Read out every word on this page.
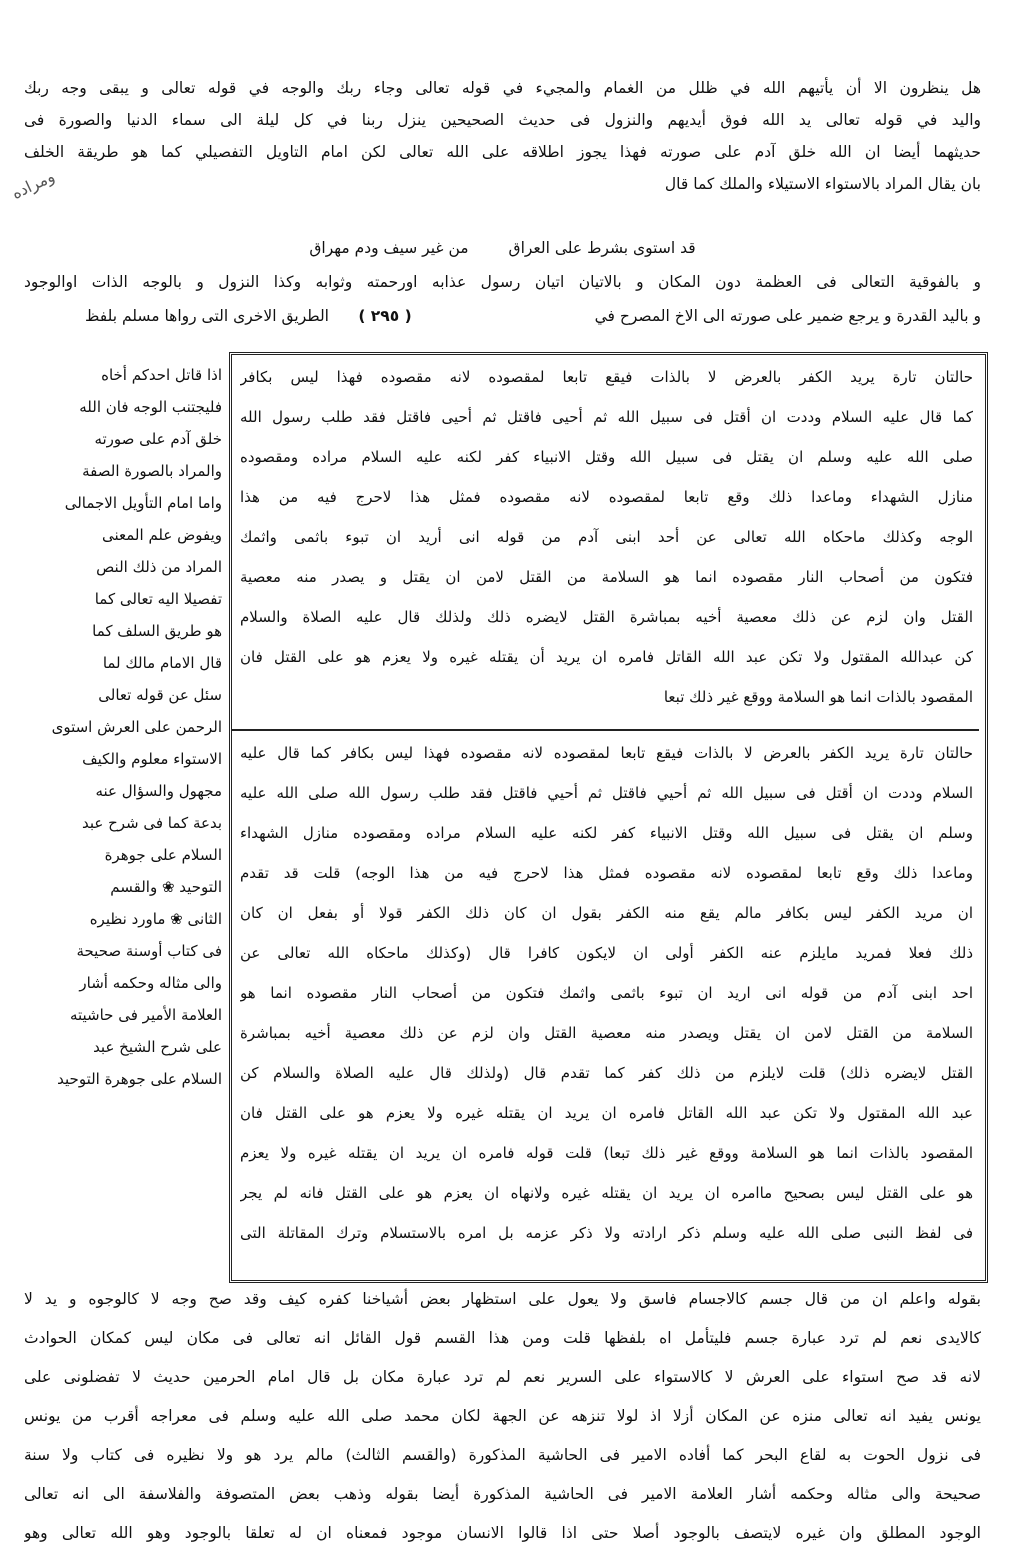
هل ينظرون الا أن يأتيهم الله في ظلل من الغمام والمجيء في قوله تعالى وجاء ربك والوجه في قوله تعالى و يبقى وجه ربك
واليد في قوله تعالى يد الله فوق أيديهم والنزول فى حديث الصحيحين ينزل ربنا في كل ليلة الى سماء الدنيا والصورة فى
حديثهما أيضا ان الله خلق آدم على صورته فهذا يجوز اطلاقه على الله تعالى لكن امام التاويل التفصيلي كما هو طريقة الخلف
بان يقال المراد بالاستواء الاستيلاء والملك كما قال
ومراده
قد استوى بشرط على العراق
من غير سيف ودم مهراق
و بالفوقية التعالى فى العظمة دون المكان و بالاتيان اتيان رسول عذابه اورحمته وثوابه وكذا النزول و بالوجه الذات اوالوجود
و باليد القدرة و يرجع ضمير على صورته الى الاخ المصرح في
( ٢٩٥ )
الطريق الاخرى التى رواها مسلم بلفظ
اذا قاتل احدكم أخاه
فليجتنب الوجه فان الله
خلق آدم على صورته
والمراد بالصورة الصفة
واما امام التأويل الاجمالى
ويفوض علم المعنى
المراد من ذلك النص
تفصيلا اليه تعالى كما
هو طريق السلف كما
قال الامام مالك لما
سئل عن قوله تعالى
الرحمن على العرش استوى
الاستواء معلوم والكيف
مجهول والسؤال عنه
بدعة كما فى شرح عبد
السلام على جوهرة
التوحيد ❀ والقسم
الثانى ❀ ماورد نظيره
فى كتاب أوسنة صحيحة
والى مثاله وحكمه أشار
العلامة الأمير فى حاشيته
على شرح الشيخ عبد
السلام على جوهرة التوحيد
حالتان تارة يريد الكفر بالعرض لا بالذات فيقع تابعا لمقصوده لانه مقصوده فهذا ليس بكافر
كما قال عليه السلام وددت ان أقتل فى سبيل الله ثم أحيى فاقتل ثم أحيى فاقتل فقد طلب رسول الله
صلى الله عليه وسلم ان يقتل فى سبيل الله وقتل الانبياء كفر لكنه عليه السلام مراده ومقصوده
منازل الشهداء وماعدا ذلك وقع تابعا لمقصوده لانه مقصوده فمثل هذا لاحرج فيه من هذا
الوجه وكذلك ماحكاه الله تعالى عن أحد ابنى آدم من قوله انى أريد ان تبوء باثمى واثمك
فتكون من أصحاب النار مقصوده انما هو السلامة من القتل لامن ان يقتل و يصدر منه معصية
القتل وان لزم عن ذلك معصية أخيه بمباشرة القتل لايضره ذلك ولذلك قال عليه الصلاة والسلام
كن عبدالله المقتول ولا تكن عبد الله القاتل فامره ان يريد أن يقتله غيره ولا يعزم هو على القتل فان
المقصود بالذات انما هو السلامة ووقع غير ذلك تبعا
حالتان تارة يريد الكفر بالعرض لا بالذات فيقع تابعا لمقصوده لانه مقصوده فهذا ليس بكافر كما قال عليه
السلام وددت ان أقتل فى سبيل الله ثم أحيي فاقتل ثم أحيي فاقتل فقد طلب رسول الله صلى الله عليه
وسلم ان يقتل فى سبيل الله وقتل الانبياء كفر لكنه عليه السلام مراده ومقصوده منازل الشهداء
وماعدا ذلك وقع تابعا لمقصوده لانه مقصوده فمثل هذا لاحرج فيه من هذا الوجه) قلت قد تقدم
ان مريد الكفر ليس بكافر مالم يقع منه الكفر بقول ان كان ذلك الكفر قولا أو بفعل ان كان
ذلك فعلا فمريد مايلزم عنه الكفر أولى ان لايكون كافرا قال (وكذلك ماحكاه الله تعالى عن
احد ابنى آدم من قوله انى اريد ان تبوء باثمى واثمك فتكون من أصحاب النار مقصوده انما هو
السلامة من القتل لامن ان يقتل ويصدر منه معصية القتل وان لزم عن ذلك معصية أخيه بمباشرة
القتل لايضره ذلك) قلت لايلزم من ذلك كفر كما تقدم قال (ولذلك قال عليه الصلاة والسلام كن
عبد الله المقتول ولا تكن عبد الله القاتل فامره ان يريد ان يقتله غيره ولا يعزم هو على القتل فان
المقصود بالذات انما هو السلامة ووقع غير ذلك تبعا) قلت قوله فامره ان يريد ان يقتله غيره ولا يعزم
هو على القتل ليس بصحيح ماامره ان يريد ان يقتله غيره ولانهاه ان يعزم هو على القتل فانه لم يجر
فى لفظ النبى صلى الله عليه وسلم ذكر ارادته ولا ذكر عزمه بل امره بالاستسلام وترك المقاتلة التى
بقوله واعلم ان من قال جسم كالاجسام فاسق ولا يعول على استظهار بعض أشياخنا كفره كيف وقد صح وجه لا كالوجوه و يد لا
كالايدى نعم لم ترد عبارة جسم فليتأمل اه بلفظها قلت ومن هذا القسم قول القائل انه تعالى فى مكان ليس كمكان الحوادث
لانه قد صح استواء على العرش لا كالاستواء على السرير نعم لم ترد عبارة مكان بل قال امام الحرمين حديث لا تفضلونى على
يونس يفيد انه تعالى منزه عن المكان أزلا اذ لولا تنزهه عن الجهة لكان محمد صلى الله عليه وسلم فى معراجه أقرب من يونس
فى نزول الحوت به لقاع البحر كما أفاده الامير فى الحاشية المذكورة (والقسم الثالث) مالم يرد هو ولا نظيره فى كتاب ولا سنة
صحيحة والى مثاله وحكمه أشار العلامة الامير فى الحاشية المذكورة أيضا بقوله وذهب بعض المتصوفة والفلاسفة الى انه تعالى
الوجود المطلق وان غيره لايتصف بالوجود أصلا حتى اذا قالوا الانسان موجود فمعناه ان له تعلقا بالوجود وهو الله تعالى وهو
